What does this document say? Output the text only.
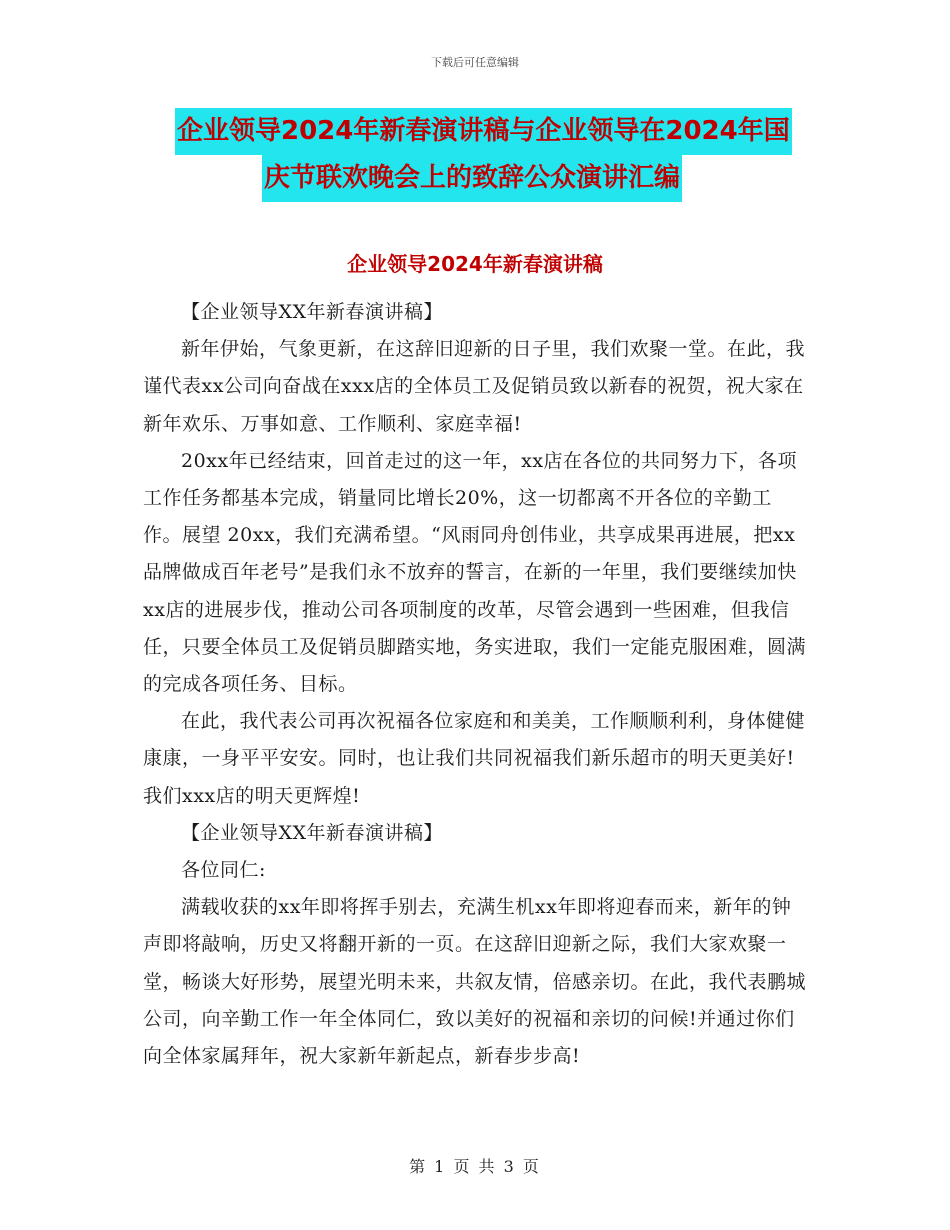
下载后可任意编辑
企业领导2024年新春演讲稿与企业领导在2024年国
庆节联欢晚会上的致辞公众演讲汇编
企业领导2024年新春演讲稿

【企业领导XX年新春演讲稿】

新年伊始，气象更新，在这辞旧迎新的日子里，我们欢聚一堂。在此，我谨代表xx公司向奋战在xxx店的全体员工及促销员致以新春的祝贺，祝大家在新年欢乐、万事如意、工作顺利、家庭幸福!

20xx年已经结束，回首走过的这一年，xx店在各位的共同努力下，各项工作任务都基本完成，销量同比增长20%，这一切都离不开各位的辛勤工作。展望 20xx，我们充满希望。“风雨同舟创伟业，共享成果再进展，把xx品牌做成百年老号”是我们永不放弃的誓言，在新的一年里，我们要继续加快xx店的进展步伐，推动公司各项制度的改革，尽管会遇到一些困难，但我信任，只要全体员工及促销员脚踏实地，务实进取，我们一定能克服困难，圆满的完成各项任务、目标。

在此，我代表公司再次祝福各位家庭和和美美，工作顺顺利利，身体健健康康，一身平平安安。同时，也让我们共同祝福我们新乐超市的明天更美好!我们xxx店的明天更辉煌!

【企业领导XX年新春演讲稿】

各位同仁:

满载收获的xx年即将挥手别去，充满生机xx年即将迎春而来，新年的钟声即将敲响，历史又将翻开新的一页。在这辞旧迎新之际，我们大家欢聚一堂，畅谈大好形势，展望光明未来，共叙友情，倍感亲切。在此，我代表鹏城公司，向辛勤工作一年全体同仁，致以美好的祝福和亲切的问候!并通过你们向全体家属拜年，祝大家新年新起点，新春步步高!

第 1 页 共 3 页
